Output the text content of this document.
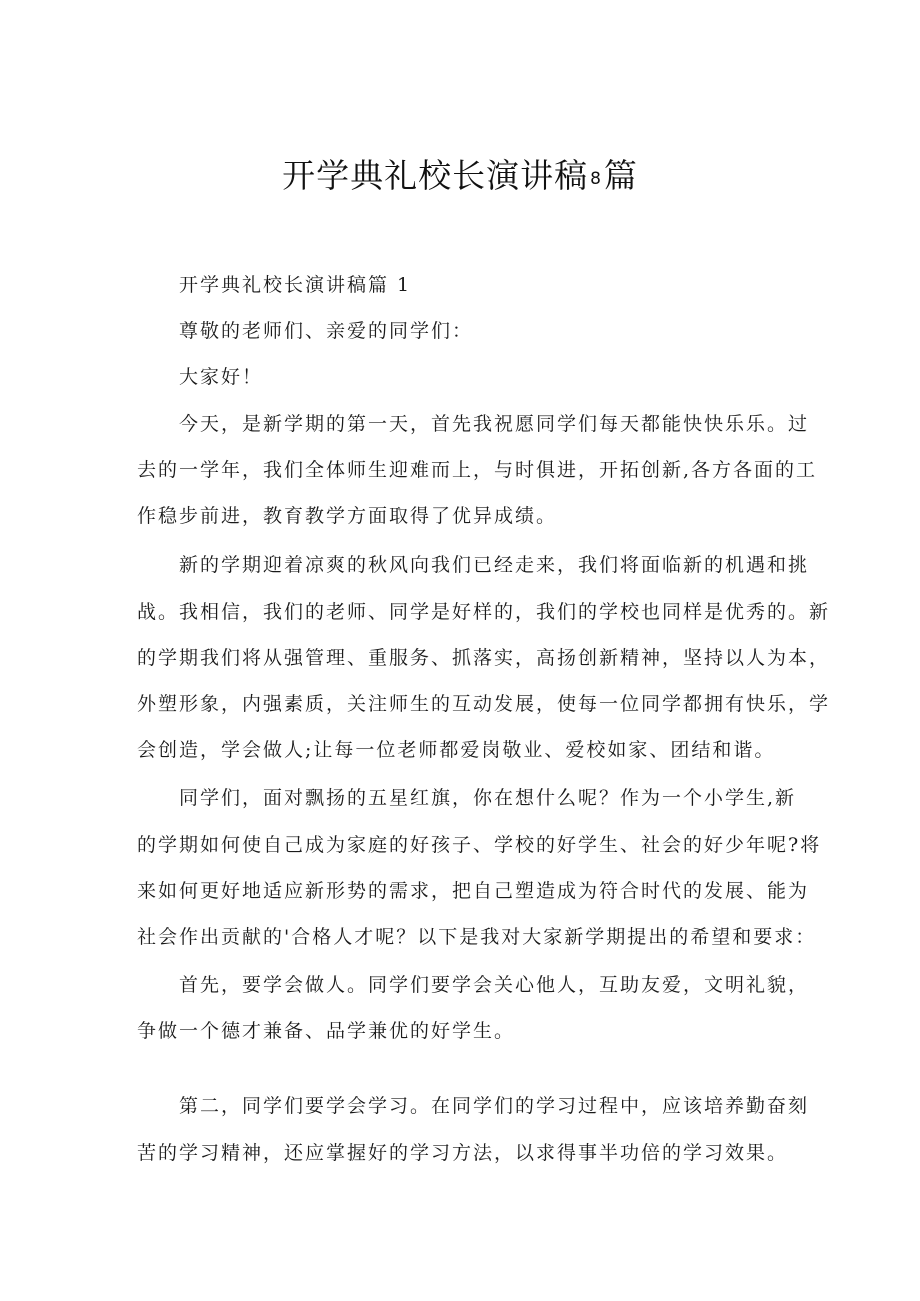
开学典礼校长演讲稿 8篇
开学典礼校长演讲稿篇 1
尊敬的老师们、亲爱的同学们：
大家好！
今天，是新学期的第一天，首先我祝愿同学们每天都能快快乐乐。过
去的一学年，我们全体师生迎难而上，与时俱进，开拓创新,各方各面的工
作稳步前进，教育教学方面取得了优异成绩。
新的学期迎着凉爽的秋风向我们已经走来，我们将面临新的机遇和挑
战。我相信，我们的老师、同学是好样的，我们的学校也同样是优秀的。新
的学期我们将从强管理、重服务、抓落实，高扬创新精神，坚持以人为本，
外塑形象，内强素质，关注师生的互动发展，使每一位同学都拥有快乐，学
会创造，学会做人;让每一位老师都爱岗敬业、爱校如家、团结和谐。
同学们，面对飘扬的五星红旗，你在想什么呢？作为一个小学生,新
的学期如何使自己成为家庭的好孩子、学校的好学生、社会的好少年呢?将
来如何更好地适应新形势的需求，把自己塑造成为符合时代的发展、能为
社会作出贡献的'合格人才呢？以下是我对大家新学期提出的希望和要求：
首先，要学会做人。同学们要学会关心他人，互助友爱，文明礼貌，
争做一个德才兼备、品学兼优的好学生。
第二，同学们要学会学习。在同学们的学习过程中，应该培养勤奋刻
苦的学习精神，还应掌握好的学习方法，以求得事半功倍的学习效果。
